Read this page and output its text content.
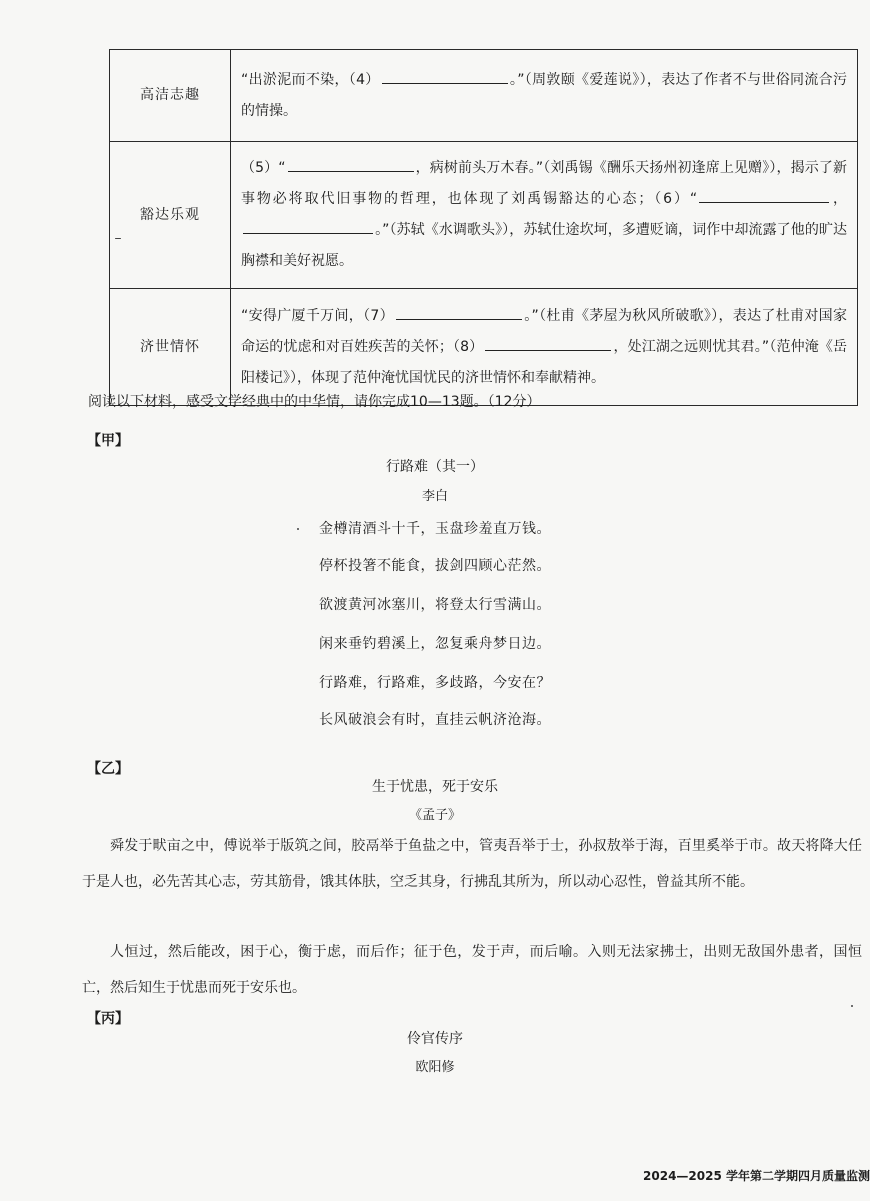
高洁志趣	“出淤泥而不染，（4） 。”（周敦颐《爱莲说》），表达了作者不与世俗同流合污的情操。
豁达乐观	（5）“ ，病树前头万木春。”（刘禹锡《酬乐天扬州初逢席上见赠》），揭示了新事物必将取代旧事物的哲理，也体现了刘禹锡豁达的心态；（6）“ ，。”（苏轼《水调歌头》），苏轼仕途坎坷，多遭贬谪，词作中却流露了他的旷达胸襟和美好祝愿。
济世情怀	“安得广厦千万间，（7） 。”（杜甫《茅屋为秋风所破歌》），表达了杜甫对国家命运的忧虑和对百姓疾苦的关怀；（8） ，处江湖之远则忧其君。”（范仲淹《岳阳楼记》），体现了范仲淹忧国忧民的济世情怀和奉献精神。
阅读以下材料，感受文学经典中的中华情，请你完成10—13题。（12分）
【甲】
行路难（其一）
李白
金樽清酒斗十千，玉盘珍羞直万钱。
停杯投箸不能食，拔剑四顾心茫然。
欲渡黄河冰塞川，将登太行雪满山。
闲来垂钓碧溪上，忽复乘舟梦日边。
行路难，行路难，多歧路，今安在？
长风破浪会有时，直挂云帆济沧海。
【乙】
生于忧患，死于安乐
《孟子》

舜发于畎亩之中，傅说举于版筑之间，胶鬲举于鱼盐之中，管夷吾举于士，孙叔敖举于海，百里奚举于市。故天将降大任于是人也，必先苦其心志，劳其筋骨，饿其体肤，空乏其身，行拂乱其所为，所以动心忍性，曾益其所不能。

人恒过，然后能改，困于心，衡于虑，而后作；征于色，发于声，而后喻。入则无法家拂士，出则无敌国外患者，国恒亡，然后知生于忧患而死于安乐也。

【丙】
伶官传序
欧阳修
2024—2025 学年第二学期四月质量监测
